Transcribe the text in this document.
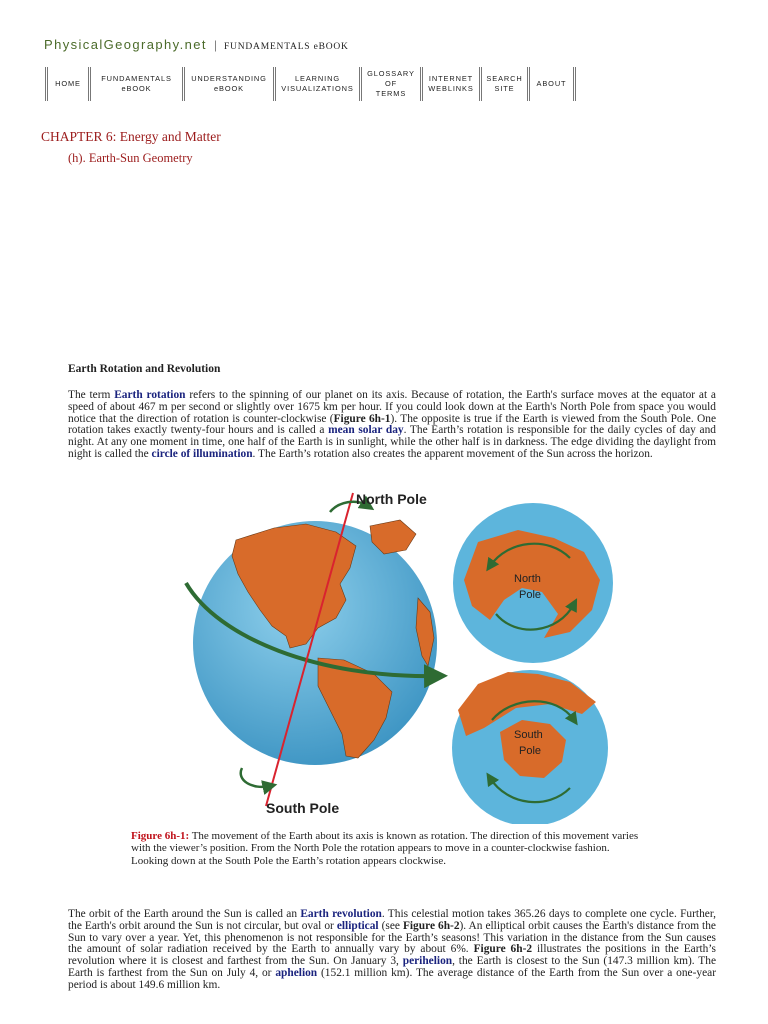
PhysicalGeography.net | FUNDAMENTALS eBOOK
HOME
FUNDAMENTALS
eBOOK
UNDERSTANDING
eBOOK
LEARNING
VISUALIZATIONS
GLOSSARY
OF
TERMS
INTERNET
WEBLINKS
SEARCH
SITE
ABOUT
CHAPTER 6: Energy and Matter
(h). Earth-Sun Geometry
Earth Rotation and Revolution

The term Earth rotation refers to the spinning of our planet on its axis. Because of rotation, the Earth's surface moves at the equator at a speed of about 467 m per second or slightly over 1675 km per hour. If you could look down at the Earth's North Pole from space you would notice that the direction of rotation is counter-clockwise (Figure 6h-1). The opposite is true if the Earth is viewed from the South Pole. One rotation takes exactly twenty-four hours and is called a mean solar day. The Earth’s rotation is responsible for the daily cycles of day and night. At any one moment in time, one half of the Earth is in sunlight, while the other half is in darkness. The edge dividing the daylight from night is called the circle of illumination. The Earth’s rotation also creates the apparent movement of the Sun across the horizon.

North Pole
South Pole
North
Pole
South
Pole

Figure 6h-1: The movement of the Earth about its axis is known as rotation. The direction of this movement varies with the viewer’s position. From the North Pole the rotation appears to move in a counter-clockwise fashion. Looking down at the South Pole the Earth’s rotation appears clockwise.

The orbit of the Earth around the Sun is called an Earth revolution. This celestial motion takes 365.26 days to complete one cycle. Further, the Earth's orbit around the Sun is not circular, but oval or elliptical (see Figure 6h-2). An elliptical orbit causes the Earth's distance from the Sun to vary over a year. Yet, this phenomenon is not responsible for the Earth’s seasons! This variation in the distance from the Sun causes the amount of solar radiation received by the Earth to annually vary by about 6%. Figure 6h-2 illustrates the positions in the Earth’s revolution where it is closest and farthest from the Sun. On January 3, perihelion, the Earth is closest to the Sun (147.3 million km). The Earth is farthest from the Sun on July 4, or aphelion (152.1 million km). The average distance of the Earth from the Sun over a one-year period is about 149.6 million km.
